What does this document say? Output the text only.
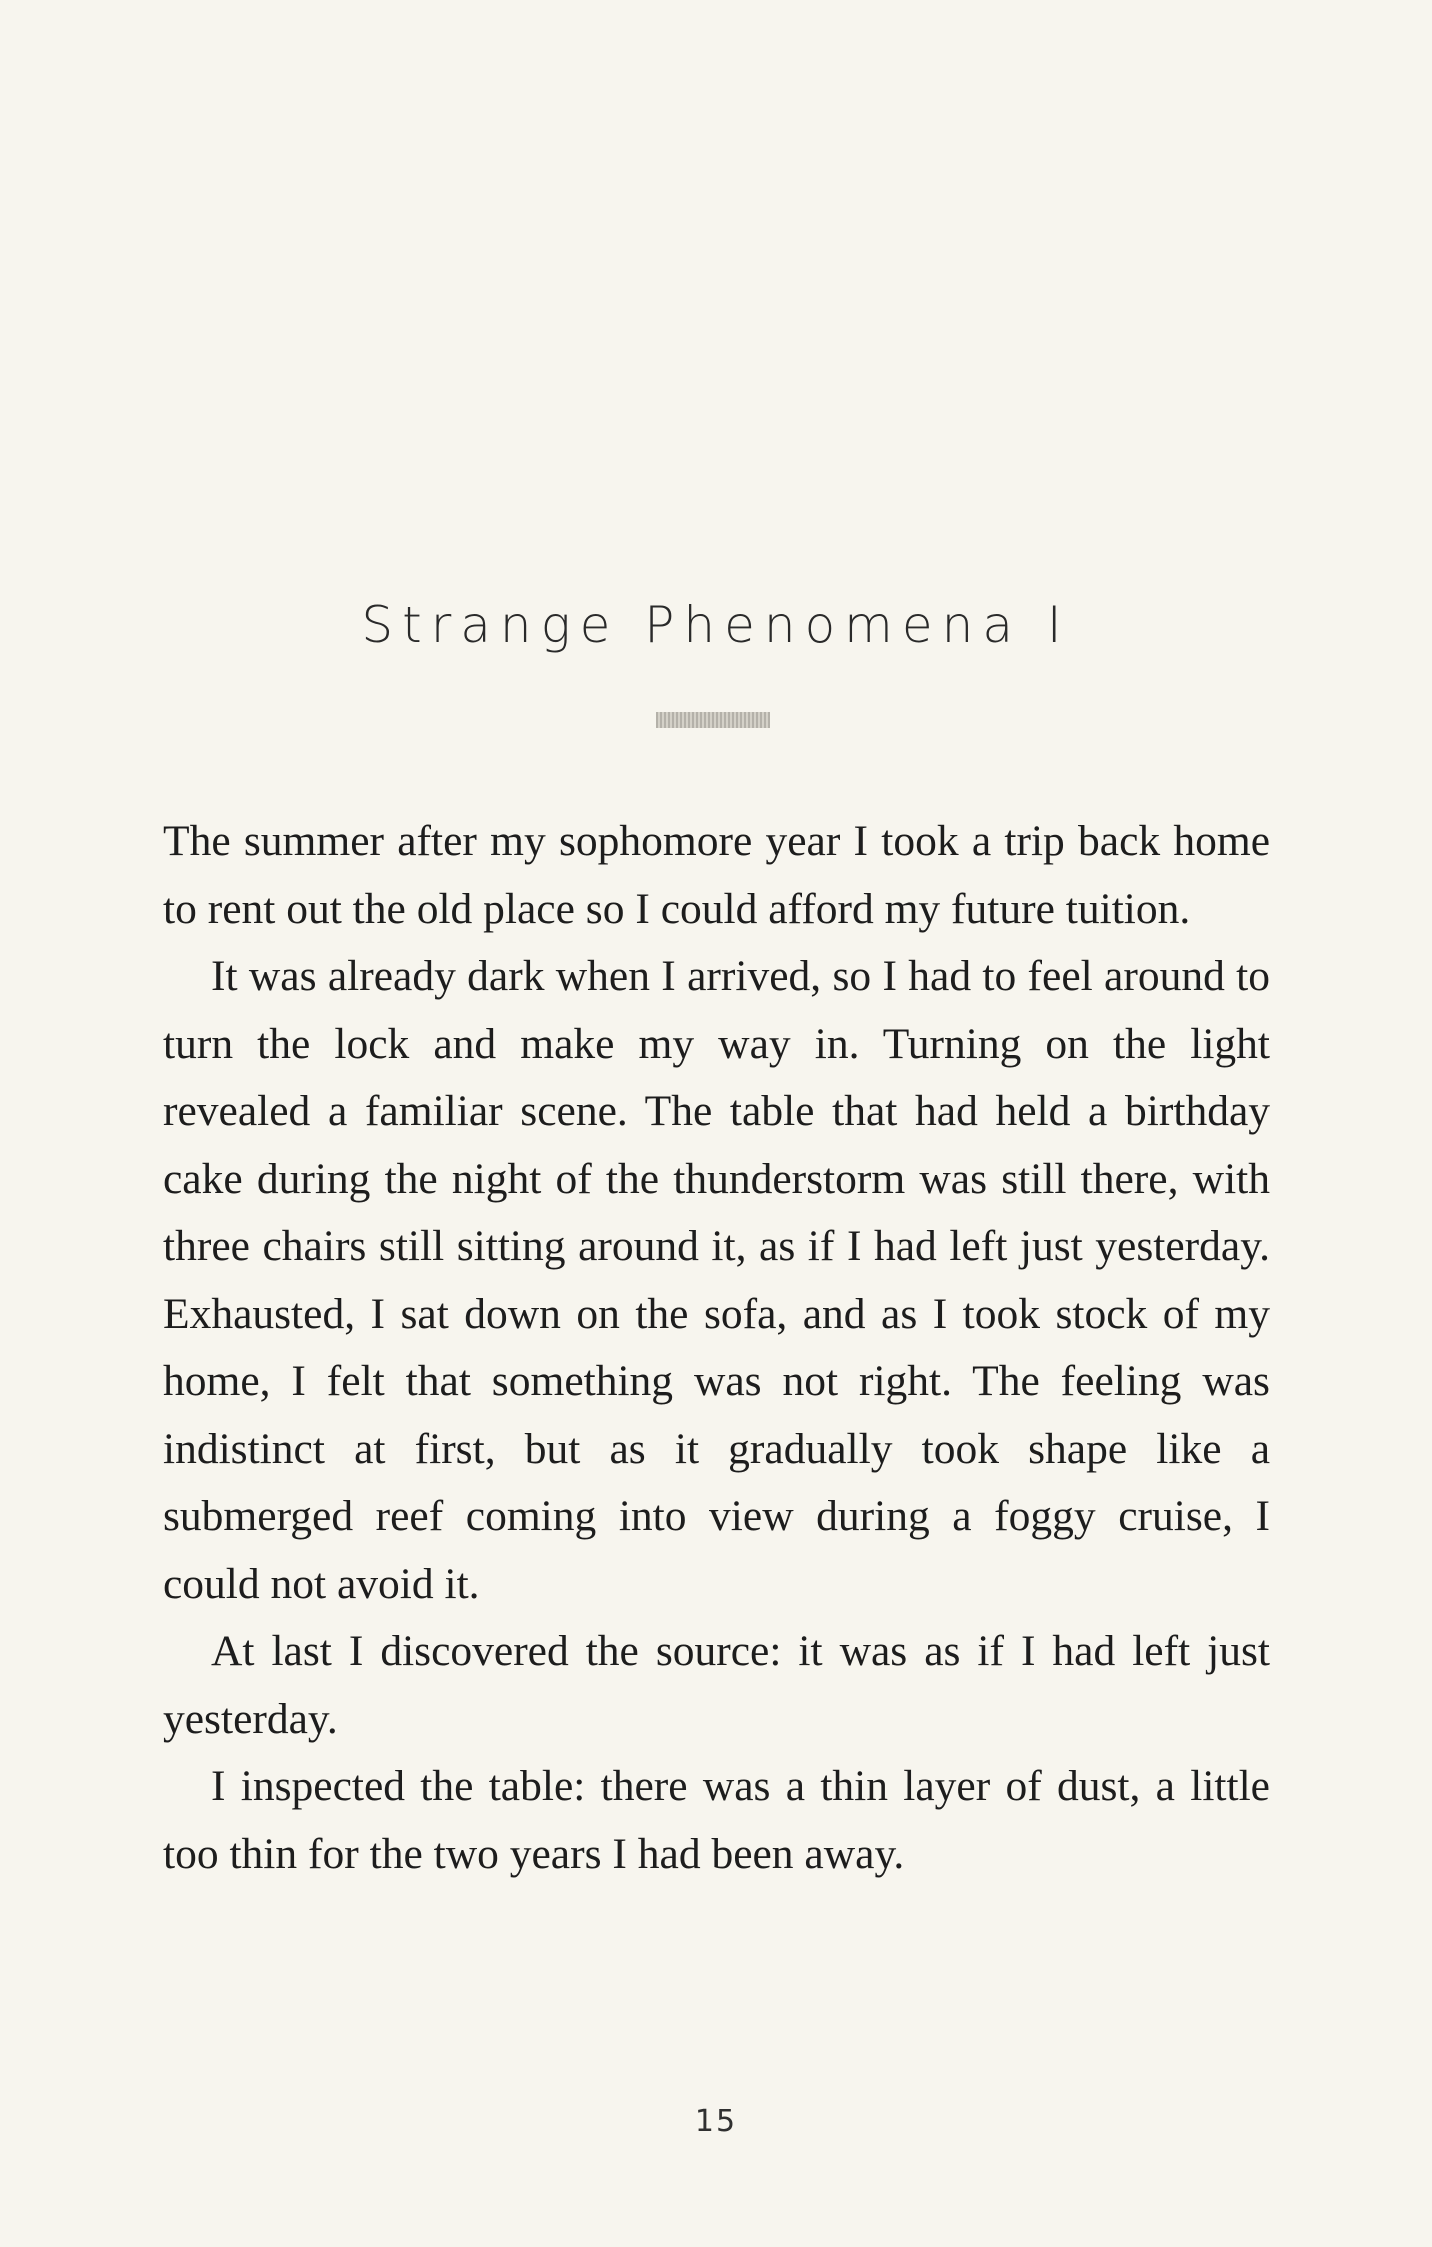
Strange Phenomena I

The summer after my sophomore year I took a trip back home to rent out the old place so I could afford my future tuition.

It was already dark when I arrived, so I had to feel around to turn the lock and make my way in. Turning on the light revealed a familiar scene. The table that had held a birthday cake during the night of the thunderstorm was still there, with three chairs still sitting around it, as if I had left just yesterday. Exhausted, I sat down on the sofa, and as I took stock of my home, I felt that something was not right. The feeling was indistinct at first, but as it gradually took shape like a submerged reef coming into view during a foggy cruise, I could not avoid it.

At last I discovered the source: it was as if I had left just yesterday.

I inspected the table: there was a thin layer of dust, a little too thin for the two years I had been away.

15
